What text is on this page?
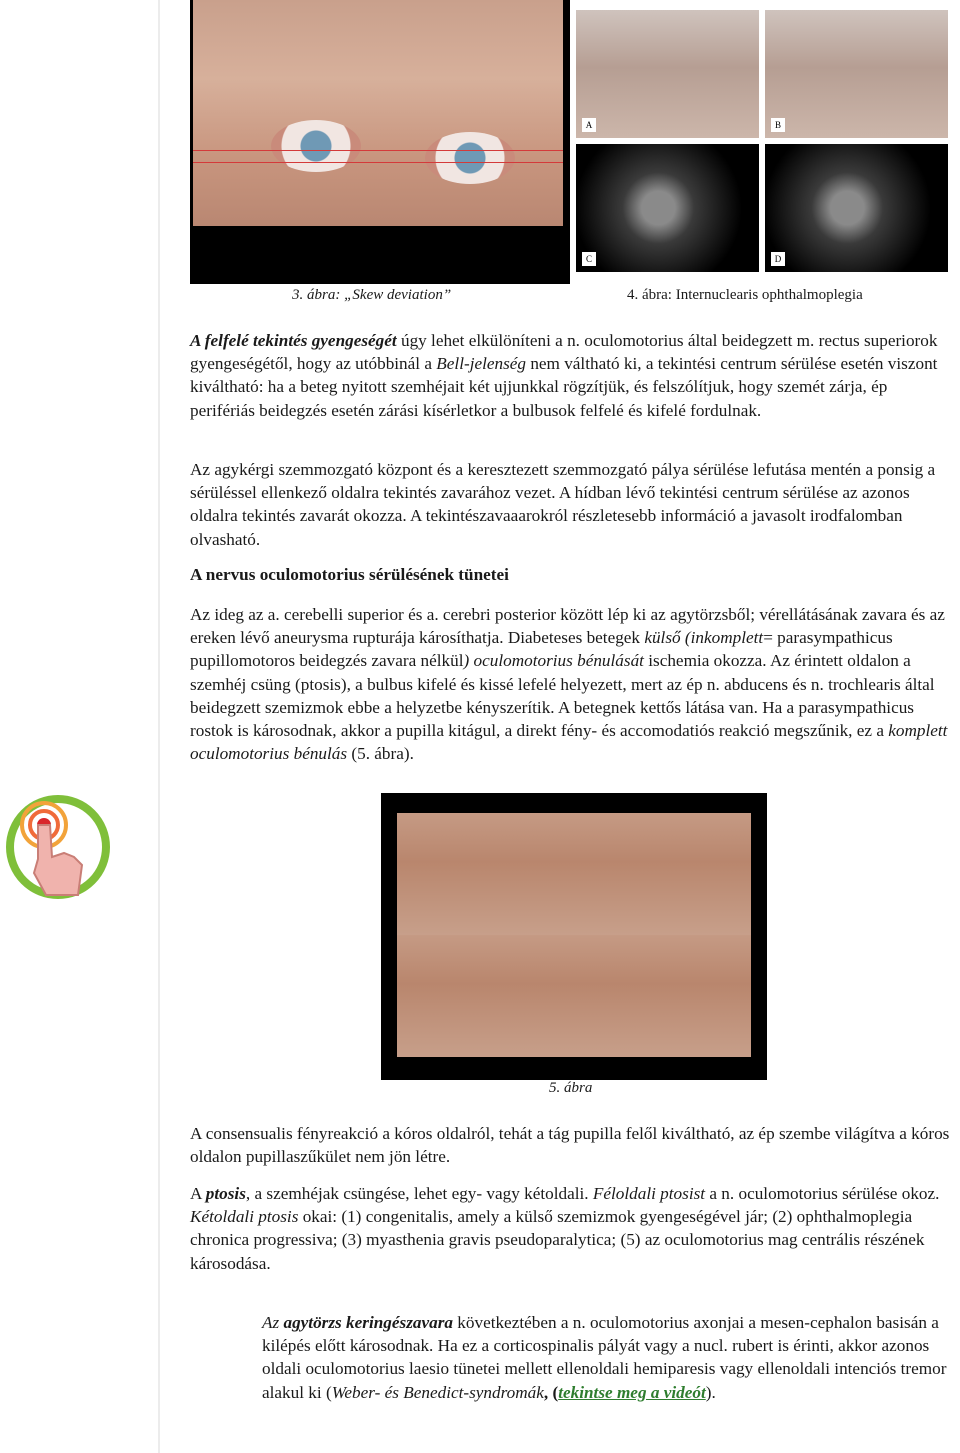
A	B
C	D
3. ábra: „Skew deviation”	4. ábra: Internuclearis ophthalmoplegia

A felfelé tekintés gyengeségét úgy lehet elkülöníteni a n. oculomotorius által beidegzett m. rectus superiorok gyengeségétől, hogy az utóbbinál a Bell-jelenség nem váltható ki, a tekintési centrum sérülése esetén viszont kiváltható: ha a beteg nyitott szemhéjait két ujjunkkal rögzítjük, és felszólítjuk, hogy szemét zárja, ép perifériás beidegzés esetén zárási kísérletkor a bulbusok felfelé és kifelé fordulnak.

Az agykérgi szemmozgató központ és a keresztezett szemmozgató pálya sérülése lefutása mentén a ponsig a sérüléssel ellenkező oldalra tekintés zavarához vezet. A hídban lévő tekintési centrum sérülése az azonos oldalra tekintés zavarát okozza. A tekintészavaaarokról részletesebb információ a javasolt irodfalomban olvasható.

A nervus oculomotorius sérülésének tünetei

Az ideg az a. cerebelli superior és a. cerebri posterior között lép ki az agytörzsből; vérellátásának zavara és az ereken lévő aneurysma rupturája károsíthatja. Diabeteses betegek külső (inkomplett= parasympathicus pupillomotoros beidegzés zavara nélkül) oculomotorius bénulását ischemia okozza. Az érintett oldalon a szemhéj csüng (ptosis), a bulbus kifelé és kissé lefelé helyezett, mert az ép n. abducens és n. trochlearis által beidegzett szemizmok ebbe a helyzetbe kényszerítik. A betegnek kettős látása van. Ha a parasympathicus rostok is károsodnak, akkor a pupilla kitágul, a direkt fény- és accomodatiós reakció megszűnik, ez a komplett oculomotorius bénulás (5. ábra).

5. ábra

A consensualis fényreakció a kóros oldalról, tehát a tág pupilla felől kiváltható, az ép szembe világítva a kóros oldalon pupillaszűkület nem jön létre.

A ptosis, a szemhéjak csüngése, lehet egy- vagy kétoldali. Féloldali ptosist a n. oculomotorius sérülése okoz. Kétoldali ptosis okai: (1) congenitalis, amely a külső szemizmok gyengeségével jár; (2) ophthalmoplegia chronica progressiva; (3) myasthenia gravis pseudoparalytica; (5) az oculomotorius mag centrális részének károsodása.

Az agytörzs keringészavara következtében a n. oculomotorius axonjai a mesen-cephalon basisán a kilépés előtt károsodnak. Ha ez a corticospinalis pályát vagy a nucl. rubert is érinti, akkor azonos oldali oculomotorius laesio tünetei mellett ellenoldali hemiparesis vagy ellenoldali intenciós tremor alakul ki (Weber- és Benedict-syndromák, (tekintse meg a videót).
